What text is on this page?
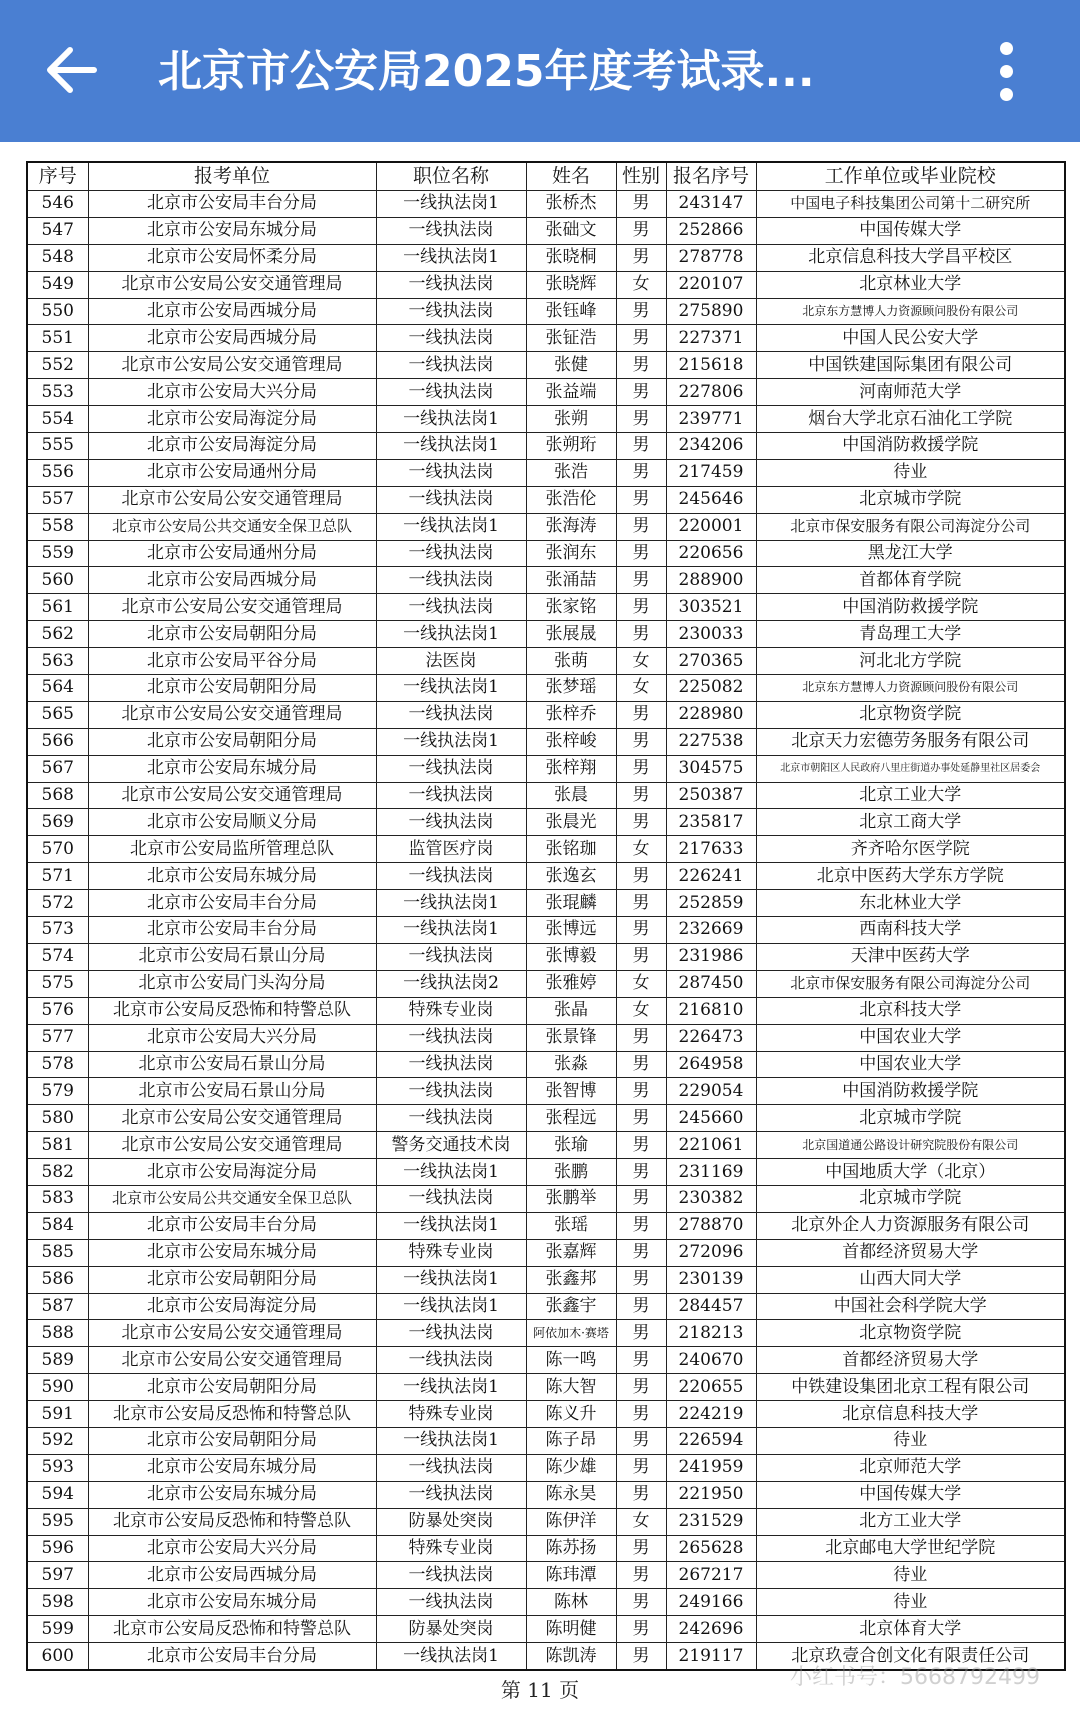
北京市公安局2025年度考试录...
序号	报考单位	职位名称	姓名	性别	报名序号	工作单位或毕业院校
546	北京市公安局丰台分局	一线执法岗1	张桥杰	男	243147	中国电子科技集团公司第十二研究所
547	北京市公安局东城分局	一线执法岗	张础文	男	252866	中国传媒大学
548	北京市公安局怀柔分局	一线执法岗1	张晓桐	男	278778	北京信息科技大学昌平校区
549	北京市公安局公安交通管理局	一线执法岗	张晓辉	女	220107	北京林业大学
550	北京市公安局西城分局	一线执法岗	张钰峰	男	275890	北京东方慧博人力资源顾问股份有限公司
551	北京市公安局西城分局	一线执法岗	张钲浩	男	227371	中国人民公安大学
552	北京市公安局公安交通管理局	一线执法岗	张健	男	215618	中国铁建国际集团有限公司
553	北京市公安局大兴分局	一线执法岗	张益端	男	227806	河南师范大学
554	北京市公安局海淀分局	一线执法岗1	张朔	男	239771	烟台大学北京石油化工学院
555	北京市公安局海淀分局	一线执法岗1	张朔珩	男	234206	中国消防救援学院
556	北京市公安局通州分局	一线执法岗	张浩	男	217459	待业
557	北京市公安局公安交通管理局	一线执法岗	张浩伦	男	245646	北京城市学院
558	北京市公安局公共交通安全保卫总队	一线执法岗1	张海涛	男	220001	北京市保安服务有限公司海淀分公司
559	北京市公安局通州分局	一线执法岗	张润东	男	220656	黑龙江大学
560	北京市公安局西城分局	一线执法岗	张涌喆	男	288900	首都体育学院
561	北京市公安局公安交通管理局	一线执法岗	张家铭	男	303521	中国消防救援学院
562	北京市公安局朝阳分局	一线执法岗1	张展晟	男	230033	青岛理工大学
563	北京市公安局平谷分局	法医岗	张萌	女	270365	河北北方学院
564	北京市公安局朝阳分局	一线执法岗1	张梦瑶	女	225082	北京东方慧博人力资源顾问股份有限公司
565	北京市公安局公安交通管理局	一线执法岗	张梓乔	男	228980	北京物资学院
566	北京市公安局朝阳分局	一线执法岗1	张梓峻	男	227538	北京天力宏德劳务服务有限公司
567	北京市公安局东城分局	一线执法岗	张梓翔	男	304575	北京市朝阳区人民政府八里庄街道办事处延静里社区居委会
568	北京市公安局公安交通管理局	一线执法岗	张晨	男	250387	北京工业大学
569	北京市公安局顺义分局	一线执法岗	张晨光	男	235817	北京工商大学
570	北京市公安局监所管理总队	监管医疗岗	张铭珈	女	217633	齐齐哈尔医学院
571	北京市公安局东城分局	一线执法岗	张逸玄	男	226241	北京中医药大学东方学院
572	北京市公安局丰台分局	一线执法岗1	张琨麟	男	252859	东北林业大学
573	北京市公安局丰台分局	一线执法岗1	张博远	男	232669	西南科技大学
574	北京市公安局石景山分局	一线执法岗	张博毅	男	231986	天津中医药大学
575	北京市公安局门头沟分局	一线执法岗2	张雅婷	女	287450	北京市保安服务有限公司海淀分公司
576	北京市公安局反恐怖和特警总队	特殊专业岗	张晶	女	216810	北京科技大学
577	北京市公安局大兴分局	一线执法岗	张景锋	男	226473	中国农业大学
578	北京市公安局石景山分局	一线执法岗	张淼	男	264958	中国农业大学
579	北京市公安局石景山分局	一线执法岗	张智博	男	229054	中国消防救援学院
580	北京市公安局公安交通管理局	一线执法岗	张程远	男	245660	北京城市学院
581	北京市公安局公安交通管理局	警务交通技术岗	张瑜	男	221061	北京国道通公路设计研究院股份有限公司
582	北京市公安局海淀分局	一线执法岗1	张鹏	男	231169	中国地质大学（北京）
583	北京市公安局公共交通安全保卫总队	一线执法岗	张鹏举	男	230382	北京城市学院
584	北京市公安局丰台分局	一线执法岗1	张瑶	男	278870	北京外企人力资源服务有限公司
585	北京市公安局东城分局	特殊专业岗	张嘉辉	男	272096	首都经济贸易大学
586	北京市公安局朝阳分局	一线执法岗1	张鑫邦	男	230139	山西大同大学
587	北京市公安局海淀分局	一线执法岗1	张鑫宇	男	284457	中国社会科学院大学
588	北京市公安局公安交通管理局	一线执法岗	阿依加木·赛塔	男	218213	北京物资学院
589	北京市公安局公安交通管理局	一线执法岗	陈一鸣	男	240670	首都经济贸易大学
590	北京市公安局朝阳分局	一线执法岗1	陈大智	男	220655	中铁建设集团北京工程有限公司
591	北京市公安局反恐怖和特警总队	特殊专业岗	陈义升	男	224219	北京信息科技大学
592	北京市公安局朝阳分局	一线执法岗1	陈子昂	男	226594	待业
593	北京市公安局东城分局	一线执法岗	陈少雄	男	241959	北京师范大学
594	北京市公安局东城分局	一线执法岗	陈永昊	男	221950	中国传媒大学
595	北京市公安局反恐怖和特警总队	防暴处突岗	陈伊洋	女	231529	北方工业大学
596	北京市公安局大兴分局	特殊专业岗	陈苏扬	男	265628	北京邮电大学世纪学院
597	北京市公安局西城分局	一线执法岗	陈玮潭	男	267217	待业
598	北京市公安局东城分局	一线执法岗	陈林	男	249166	待业
599	北京市公安局反恐怖和特警总队	防暴处突岗	陈明健	男	242696	北京体育大学
600	北京市公安局丰台分局	一线执法岗1	陈凯涛	男	219117	北京玖壹合创文化有限责任公司
第 11 页	小红书号：5668792499
